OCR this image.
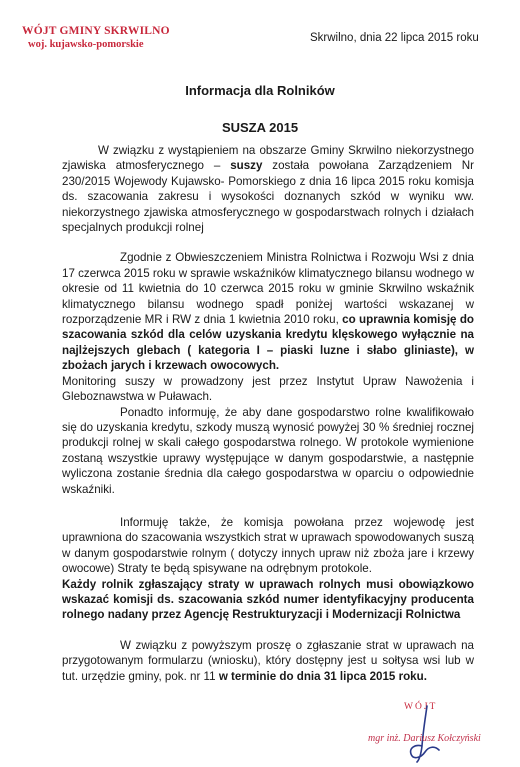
WÓJT GMINY SKRWILNO
woj. kujawsko-pomorskie
Skrwilno, dnia 22 lipca 2015 roku
Informacja dla Rolników
SUSZA 2015

W związku z wystąpieniem na obszarze Gminy Skrwilno niekorzystnego zjawiska atmosferycznego – suszy została powołana Zarządzeniem Nr 230/2015 Wojewody Kujawsko- Pomorskiego z dnia 16 lipca 2015 roku komisja ds. szacowania zakresu i wysokości doznanych szkód w wyniku ww. niekorzystnego zjawiska atmosferycznego w gospodarstwach rolnych i działach specjalnych produkcji rolnej

Zgodnie z Obwieszczeniem Ministra Rolnictwa i Rozwoju Wsi z dnia 17 czerwca 2015 roku w sprawie wskaźników klimatycznego bilansu wodnego w okresie od 11 kwietnia do 10 czerwca 2015 roku w gminie Skrwilno wskaźnik klimatycznego bilansu wodnego spadł poniżej wartości wskazanej w rozporządzenie MR i RW z dnia 1 kwietnia 2010 roku, co uprawnia komisję do szacowania szkód dla celów uzyskania kredytu klęskowego wyłącznie na najlżejszych glebach ( kategoria I – piaski luzne i słabo gliniaste), w zbożach jarych i krzewach owocowych.

Monitoring suszy w prowadzony jest przez Instytut Upraw Nawożenia i Gleboznawstwa w Puławach.

Ponadto informuję, że aby dane gospodarstwo rolne kwalifikowało się do uzyskania kredytu, szkody muszą wynosić powyżej 30 % średniej rocznej produkcji rolnej w skali całego gospodarstwa rolnego. W protokole wymienione zostaną wszystkie uprawy występujące w danym gospodarstwie, a następnie wyliczona zostanie średnia dla całego gospodarstwa w oparciu o odpowiednie wskaźniki.

Informuję także, że komisja powołana przez wojewodę jest uprawniona do szacowania wszystkich strat w uprawach spowodowanych suszą w danym gospodarstwie rolnym ( dotyczy innych upraw niż zboża jare i krzewy owocowe) Straty te będą spisywane na odrębnym protokole.

Każdy rolnik zgłaszający straty w uprawach rolnych musi obowiązkowo wskazać komisji ds. szacowania szkód numer identyfikacyjny producenta rolnego nadany przez Agencję Restrukturyzacji i Modernizacji Rolnictwa

W związku z powyższym proszę o zgłaszanie strat w uprawach na przygotowanym formularzu (wniosku), który dostępny jest u sołtysa wsi lub w tut. urzędzie gminy, pok. nr 11 w terminie do dnia 31 lipca 2015 roku.

WÓJT
mgr inż. Dariusz Kołczyński
